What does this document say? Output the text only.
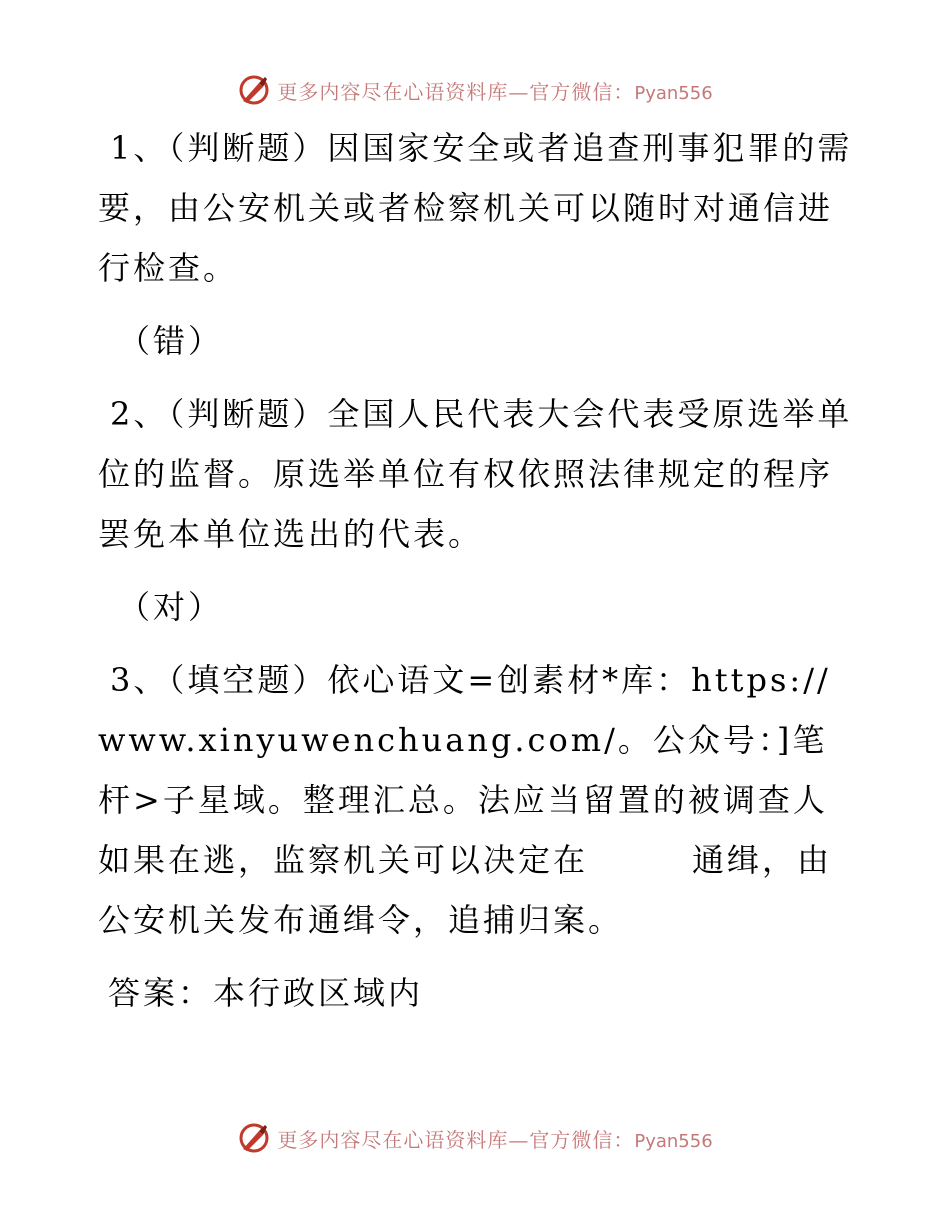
更多内容尽在心语资料库—官方微信：Pyan556

1、（判断题）因国家安全或者追查刑事犯罪的需要，由公安机关或者检察机关可以随时对通信进行检查。

（错）

2、（判断题）全国人民代表大会代表受原选举单位的监督。原选举单位有权依照法律规定的程序罢免本单位选出的代表。

（对）

3、（填空题）依心语文=创素材*库：https://www.xinyuwenchuang.com/。公众号：]笔杆>子星域。整理汇总。法应当留置的被调查人如果在逃，监察机关可以决定在	通缉，由公安机关发布通缉令，追捕归案。

答案：本行政区域内

更多内容尽在心语资料库—官方微信：Pyan556
